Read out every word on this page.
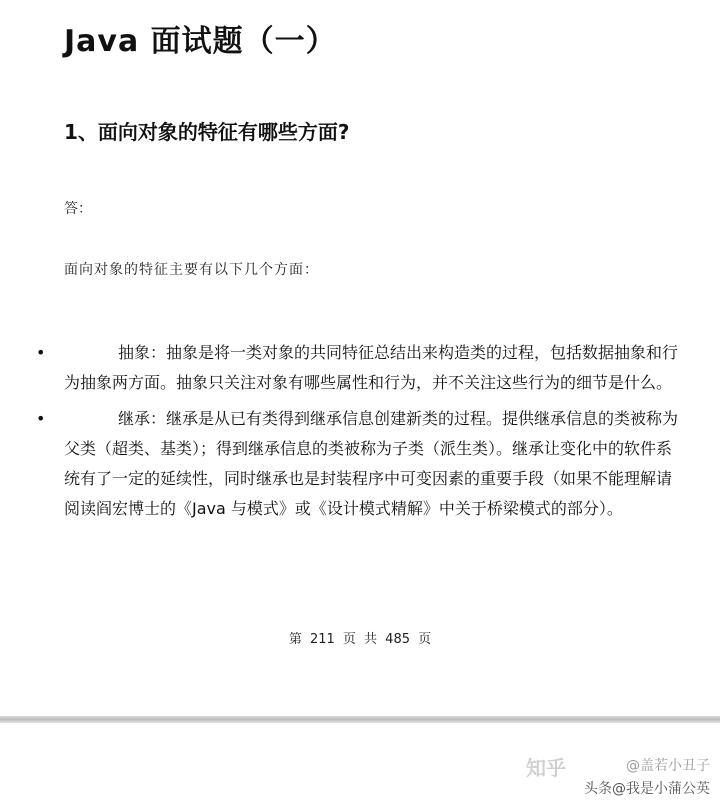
Java 面试题（一）
1、面向对象的特征有哪些方面?
答：
面向对象的特征主要有以下几个方面：
•	抽象：抽象是将一类对象的共同特征总结出来构造类的过程，包括数据抽象和行为抽象两方面。抽象只关注对象有哪些属性和行为，并不关注这些行为的细节是什么。
•	继承：继承是从已有类得到继承信息创建新类的过程。提供继承信息的类被称为父类（超类、基类）；得到继承信息的类被称为子类（派生类）。继承让变化中的软件系统有了一定的延续性，同时继承也是封装程序中可变因素的重要手段（如果不能理解请阅读阎宏博士的《Java 与模式》或《设计模式精解》中关于桥梁模式的部分）。
第 211 页 共 485 页
知乎	@盖若小丑子
头条@我是小蒲公英
